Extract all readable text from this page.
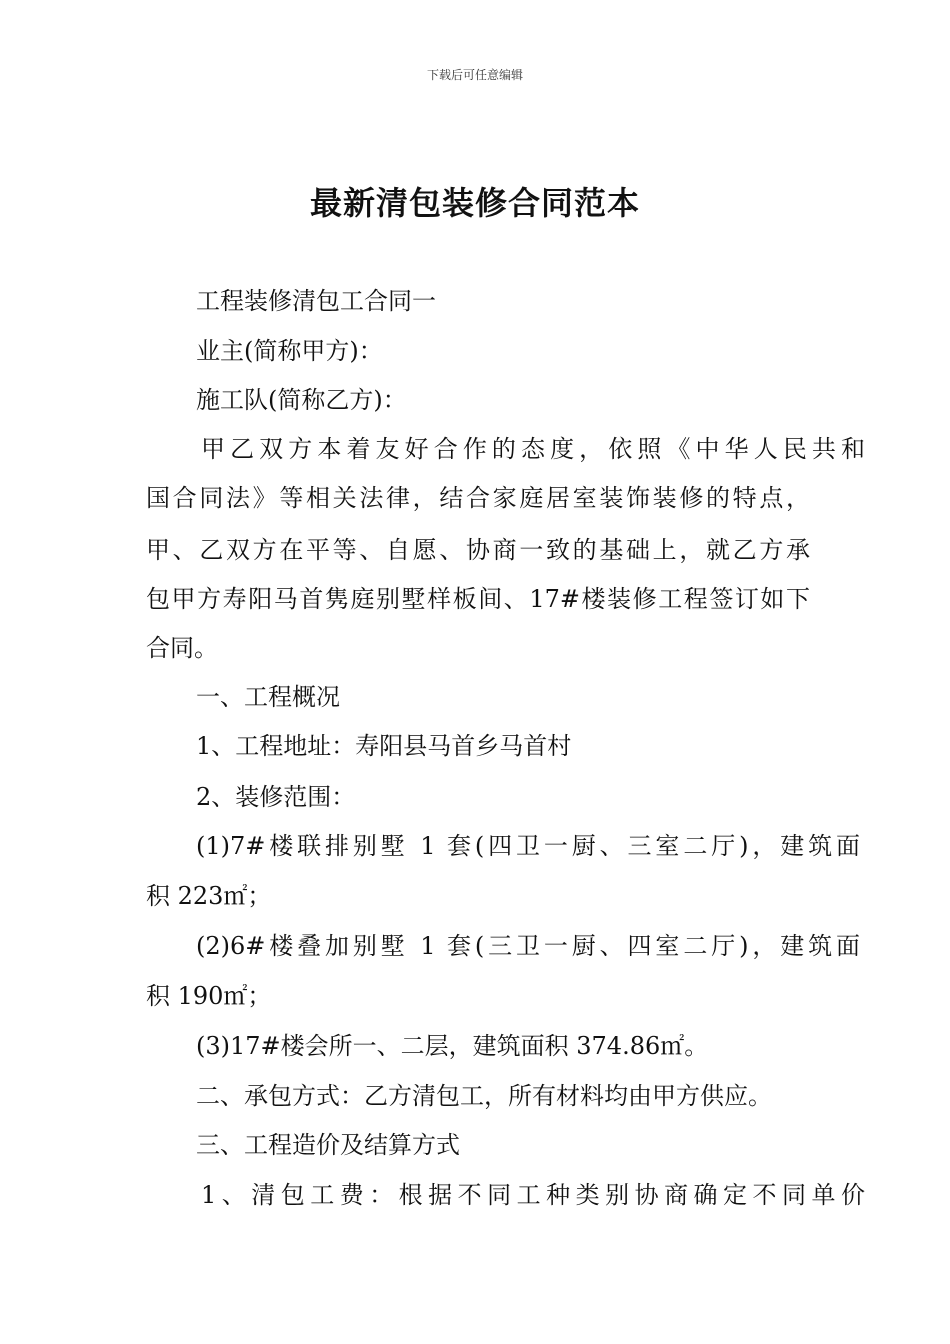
下载后可任意编辑
最新清包装修合同范本
工程装修清包工合同一
业主(简称甲方)：
施工队(简称乙方)：
甲乙双方本着友好合作的态度，依照《中华人民共和
国合同法》等相关法律，结合家庭居室装饰装修的特点，
甲、乙双方在平等、自愿、协商一致的基础上，就乙方承
包甲方寿阳马首隽庭别墅样板间、17#楼装修工程签订如下
合同。
一、工程概况
1、工程地址：寿阳县马首乡马首村
2、装修范围：
(1)7#楼联排别墅 1 套(四卫一厨、三室二厅)，建筑面
积 223㎡；
(2)6#楼叠加别墅 1 套(三卫一厨、四室二厅)，建筑面
积 190㎡；
(3)17#楼会所一、二层，建筑面积 374.86㎡。
二、承包方式：乙方清包工，所有材料均由甲方供应。
三、工程造价及结算方式
1、清包工费：根据不同工种类别协商确定不同单价
